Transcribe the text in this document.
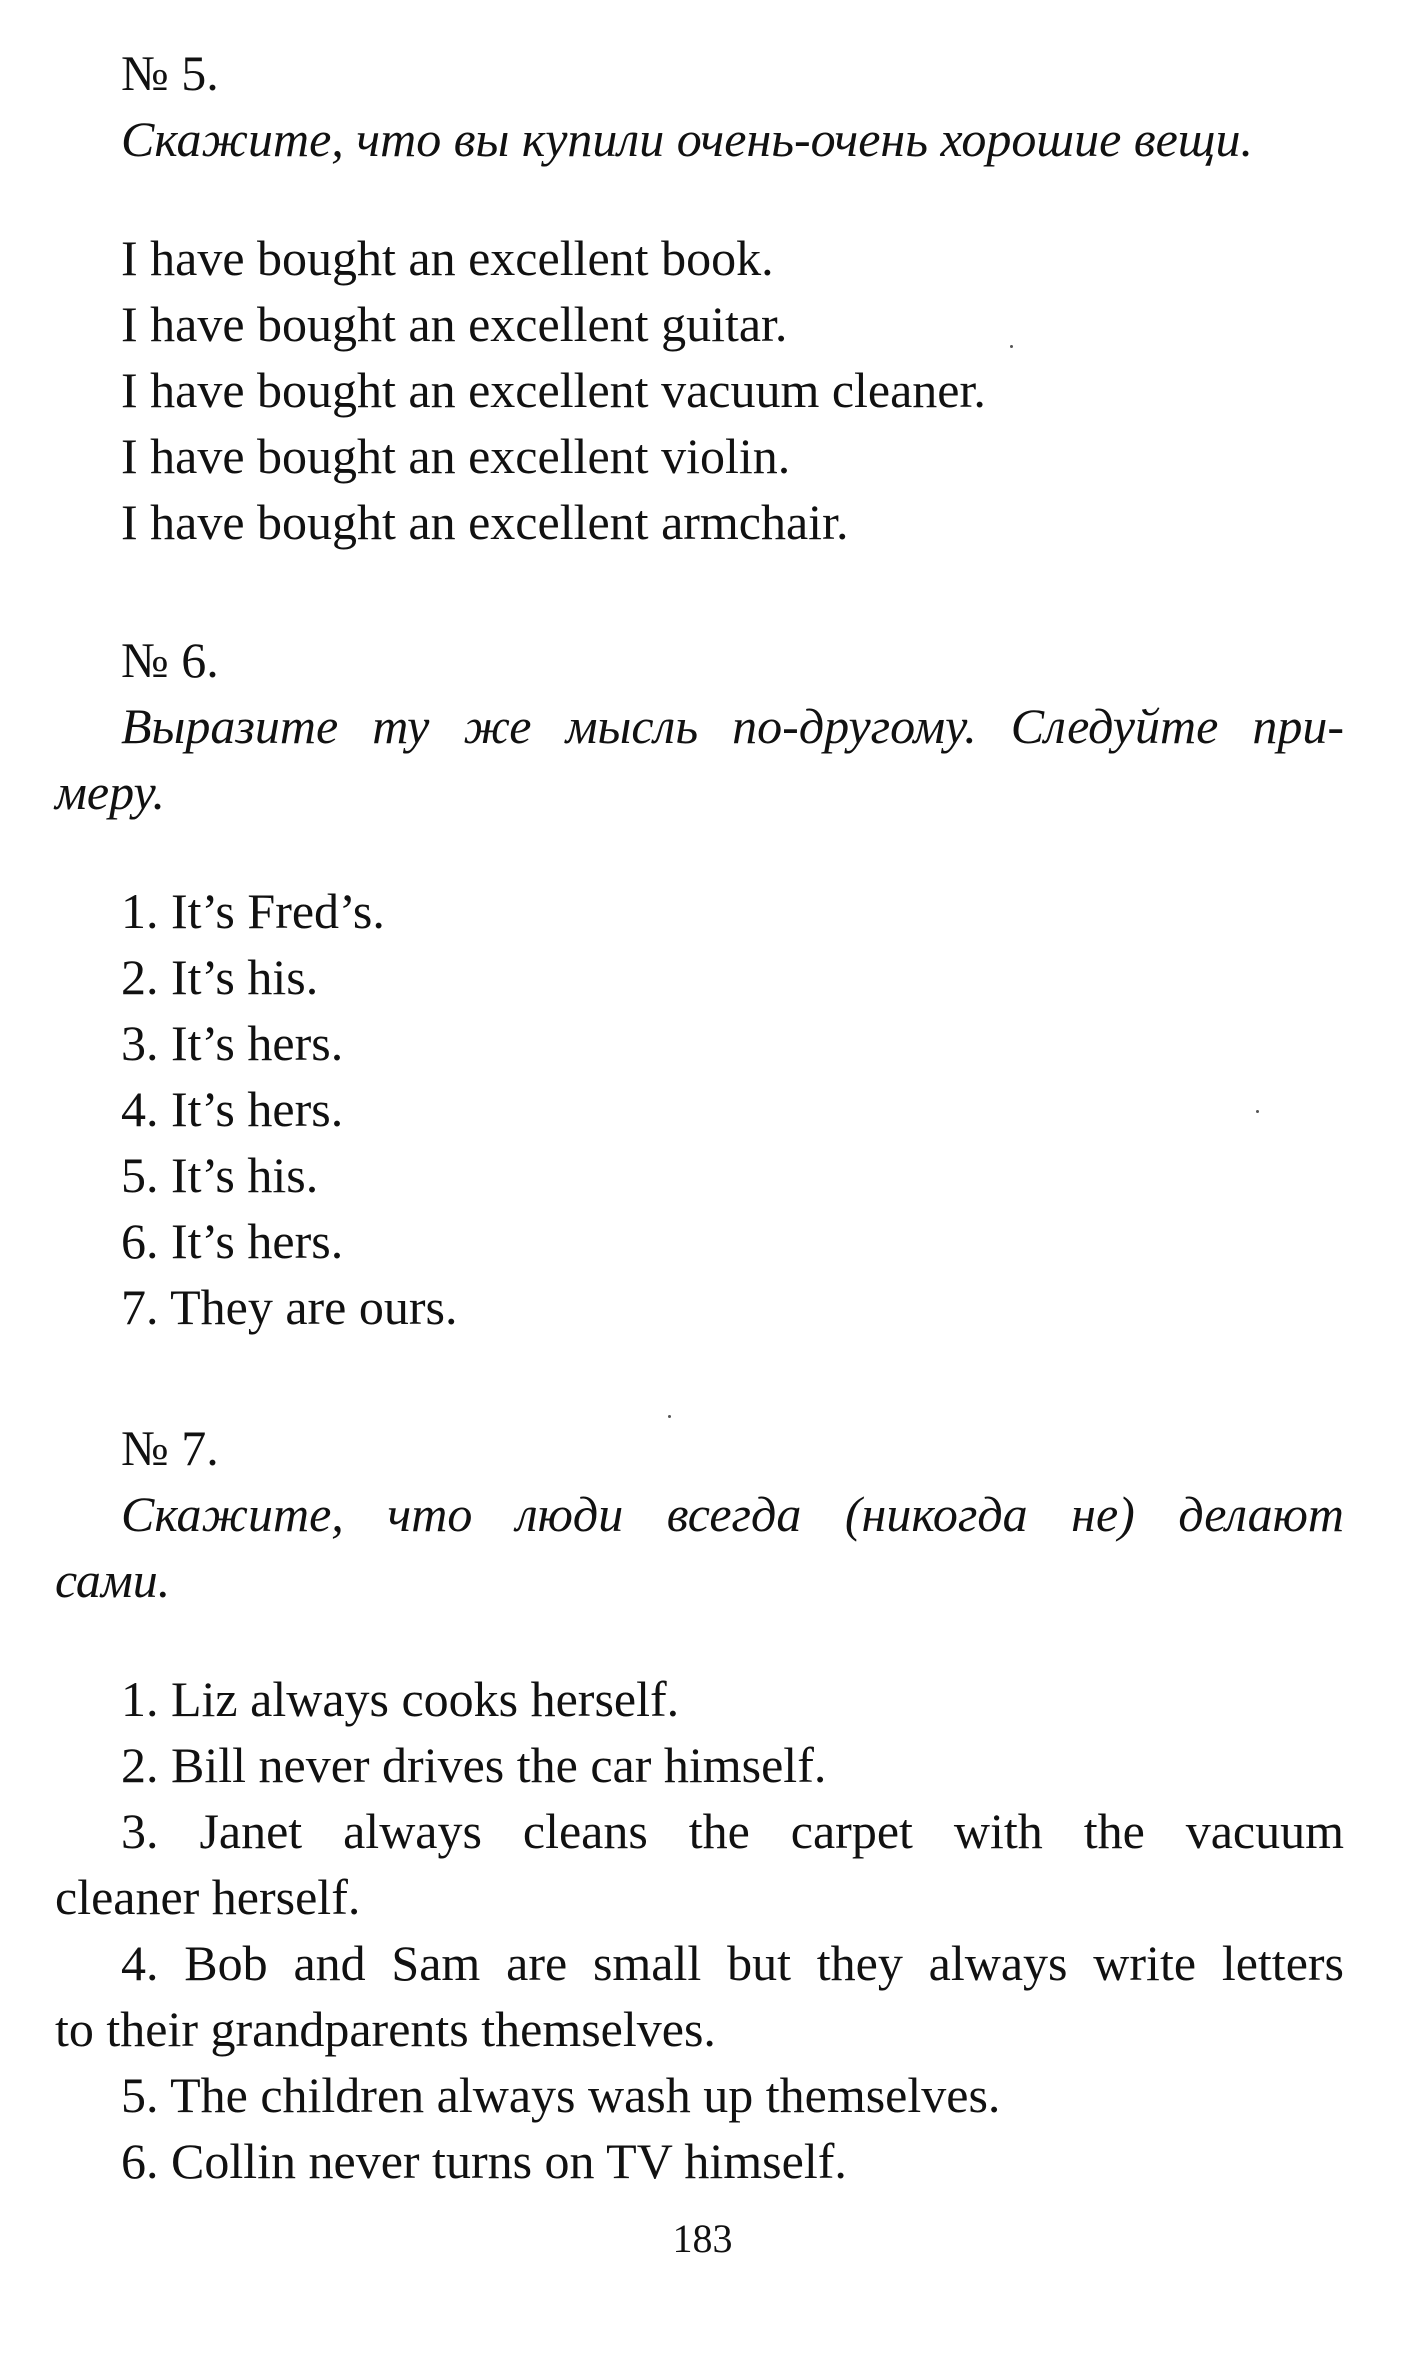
№ 5.
Скажите, что вы купили очень-очень хорошие вещи.
I have bought an excellent book.
I have bought an excellent guitar.
I have bought an excellent vacuum cleaner.
I have bought an excellent violin.
I have bought an excellent armchair.
№ 6.
Выразите ту же мысль по-другому. Следуйте при-
меру.
1. It’s Fred’s.
2. It’s his.
3. It’s hers.
4. It’s hers.
5. It’s his.
6. It’s hers.
7. They are ours.
№ 7.
Скажите, что люди всегда (никогда не) делают
сами.
1. Liz always cooks herself.
2. Bill never drives the car himself.
3. Janet always cleans the carpet with the vacuum
cleaner herself.
4. Bob and Sam are small but they always write letters
to their grandparents themselves.
5. The children always wash up themselves.
6. Collin never turns on TV himself.
183
